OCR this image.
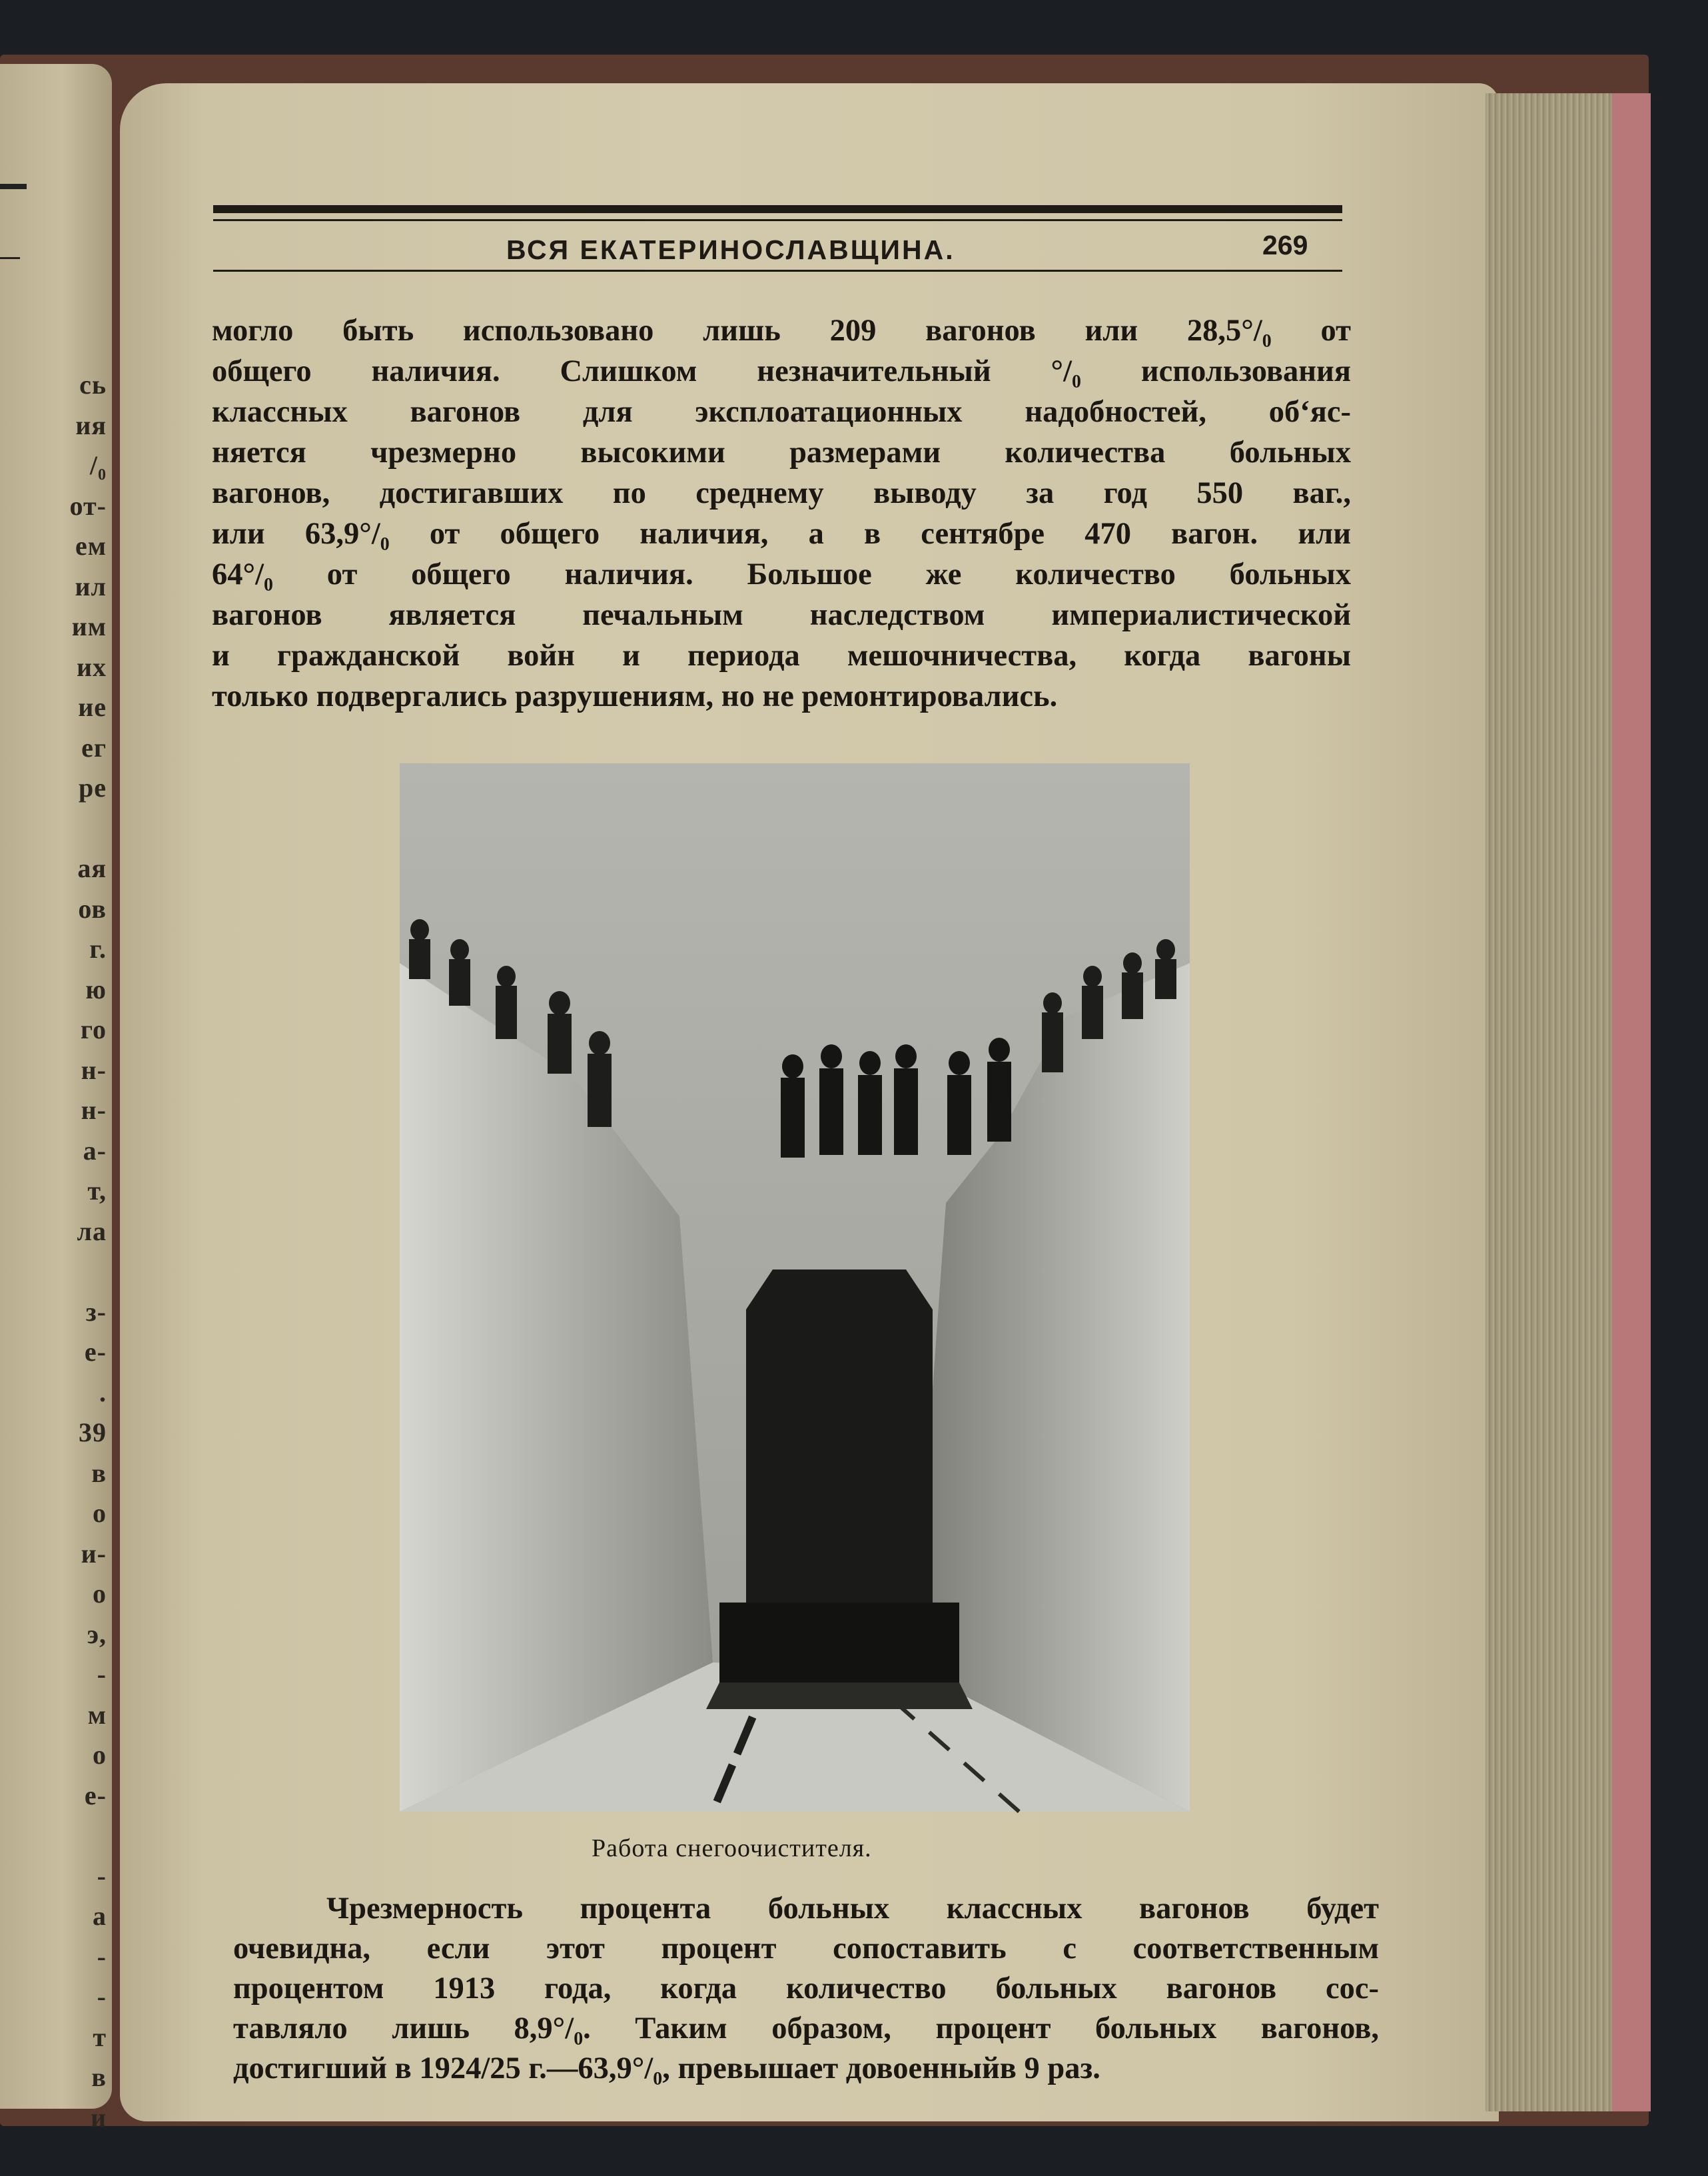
сь
ия
/₀
от-
ем
ил
им
их
ие
ег
ре
ая
ов
г.
ю
го
н-
н-
а-
т,
ла
з-
е-
.
39
в
о
и-
о
э,
-
м
о
е-
-
а
-
-
т
в
и
ВСЯ ЕКАТЕРИНОСЛАВЩИНА.	269
могло быть использовано лишь 209 вагонов или 28,5°/₀ от
общего наличия. Слишком незначительный °/₀ использования
классных вагонов для эксплоатационных надобностей, об‘яс-
няется чрезмерно высокими размерами количества больных
вагонов, достигавших по среднему выводу за год 550 ваг.,
или 63,9°/₀ от общего наличия, а в сентябре 470 вагон. или
64°/₀ от общего наличия. Большое же количество больных
вагонов является печальным наследством империалистической
и гражданской войн и периода мешочничества, когда вагоны
только подвергались разрушениям, но не ремонтировались.
Работа снегоочистителя.
Чрезмерность процента больных классных вагонов будет
очевидна, если этот процент сопоставить с соответственным
процентом 1913 года, когда количество больных вагонов сос-
тавляло лишь 8,9°/₀. Таким образом, процент больных вагонов,
достигший в 1924/25 г.—63,9°/₀, превышает довоенныйв 9 раз.
